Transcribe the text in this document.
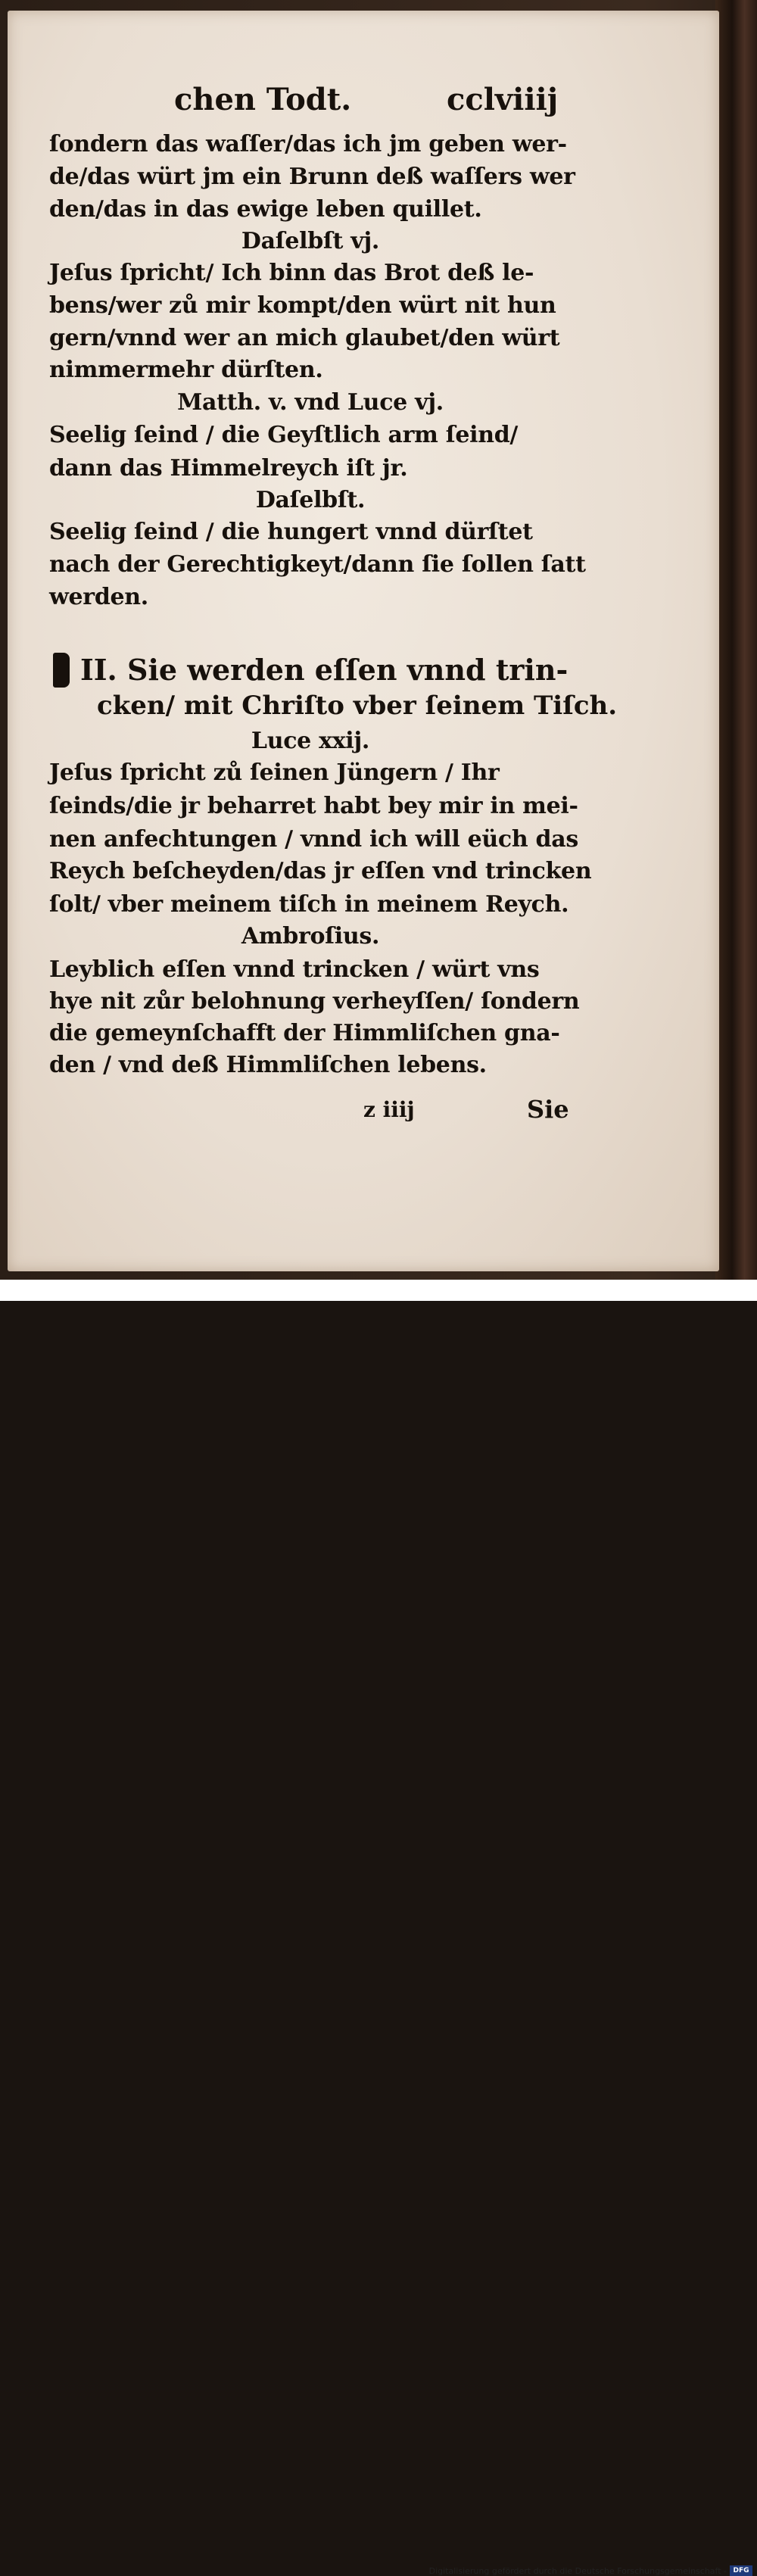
chen Todt.	cclviiij
II. Sie werden eſſen vnnd trin-
cken/ mit Chriſto vber ſeinem Tiſch.
z iiij	Sie
ſondern das waſſer/das ich jm geben wer-
de/das würt jm ein Brunn deß waſſers wer
den/das in das ewige leben quillet.
Daſelbſt vj.
Jeſus ſpricht/ Ich binn das Brot deß le-
bens/wer zů mir kompt/den würt nit hun
gern/vnnd wer an mich glaubet/den würt
nimmermehr dürſten.
Matth. v. vnd Luce vj.
Seelig ſeind / die Geyſtlich arm ſeind/
dann das Himmelreych iſt jr.
Daſelbſt.
Seelig ſeind / die hungert vnnd dürſtet
nach der Gerechtigkeyt/dann ſie ſollen ſatt
werden.
Luce xxij.
Jeſus ſpricht zů ſeinen Jüngern / Ihr
ſeinds/die jr beharret habt bey mir in mei-
nen anfechtungen / vnnd ich will eüch das
Reych beſcheyden/das jr eſſen vnd trincken
ſolt/ vber meinem tiſch in meinem Reych.
Ambroſius.
Leyblich eſſen vnnd trincken / würt vns
hye nit zůr belohnung verheyſſen/ ſondern
die gemeynſchafft der Himmliſchen gna-
den / vnd deß Himmliſchen lebens.
Digitalisierung gefördert durch die Deutsche Forschungsgemeinschaft - DFG
